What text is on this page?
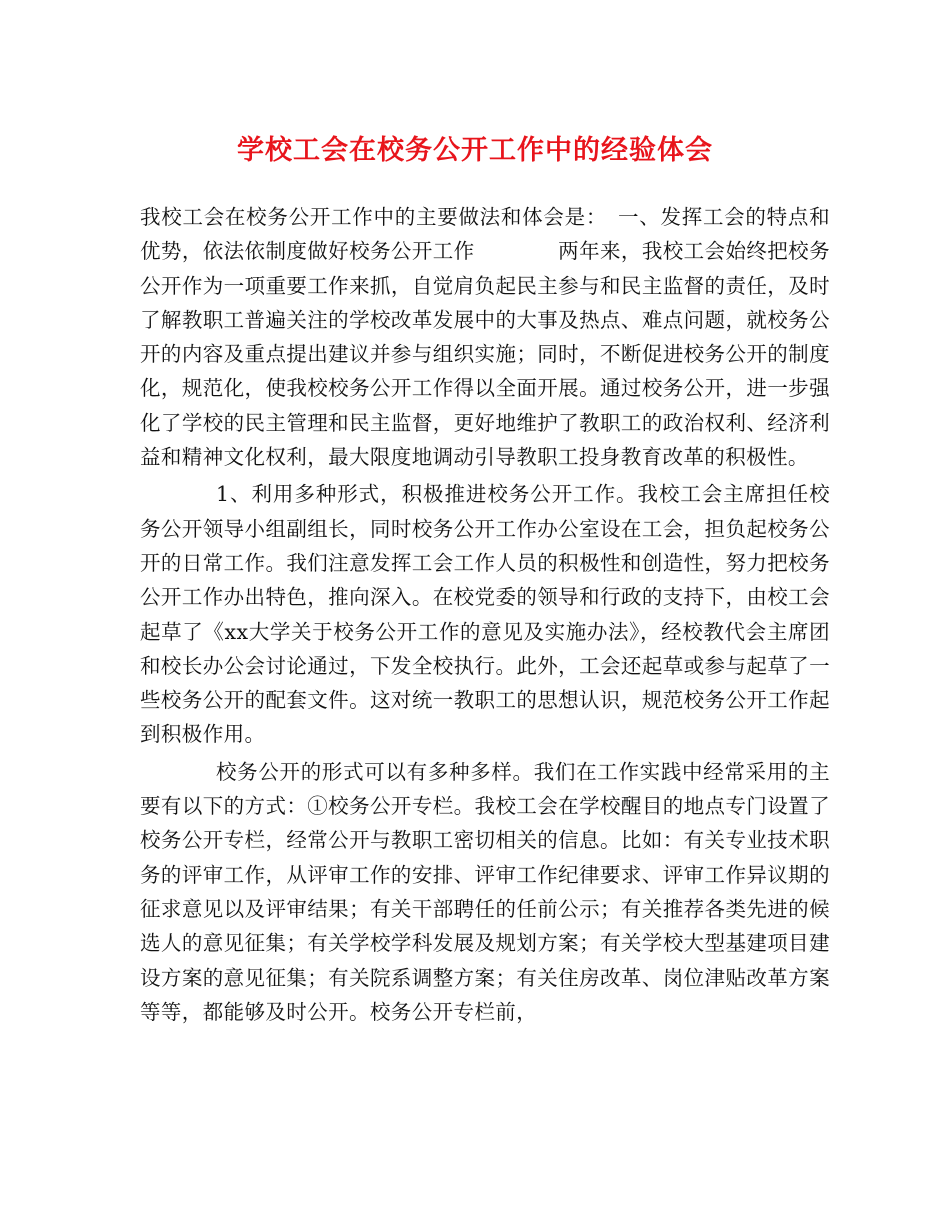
学校工会在校务公开工作中的经验体会

我校工会在校务公开工作中的主要做法和体会是：　一、发挥工会的特点和优势，依法依制度做好校务公开工作　　　　两年来，我校工会始终把校务公开作为一项重要工作来抓，自觉肩负起民主参与和民主监督的责任，及时了解教职工普遍关注的学校改革发展中的大事及热点、难点问题，就校务公开的内容及重点提出建议并参与组织实施；同时，不断促进校务公开的制度化，规范化，使我校校务公开工作得以全面开展。通过校务公开，进一步强化了学校的民主管理和民主监督，更好地维护了教职工的政治权利、经济利益和精神文化权利，最大限度地调动引导教职工投身教育改革的积极性。

1、利用多种形式，积极推进校务公开工作。我校工会主席担任校务公开领导小组副组长，同时校务公开工作办公室设在工会，担负起校务公开的日常工作。我们注意发挥工会工作人员的积极性和创造性，努力把校务公开工作办出特色，推向深入。在校党委的领导和行政的支持下，由校工会起草了《xx大学关于校务公开工作的意见及实施办法》，经校教代会主席团和校长办公会讨论通过，下发全校执行。此外，工会还起草或参与起草了一些校务公开的配套文件。这对统一教职工的思想认识，规范校务公开工作起到积极作用。

校务公开的形式可以有多种多样。我们在工作实践中经常采用的主要有以下的方式：①校务公开专栏。我校工会在学校醒目的地点专门设置了校务公开专栏，经常公开与教职工密切相关的信息。比如：有关专业技术职务的评审工作，从评审工作的安排、评审工作纪律要求、评审工作异议期的征求意见以及评审结果；有关干部聘任的任前公示；有关推荐各类先进的候选人的意见征集；有关学校学科发展及规划方案；有关学校大型基建项目建设方案的意见征集；有关院系调整方案；有关住房改革、岗位津贴改革方案等等，都能够及时公开。校务公开专栏前，
